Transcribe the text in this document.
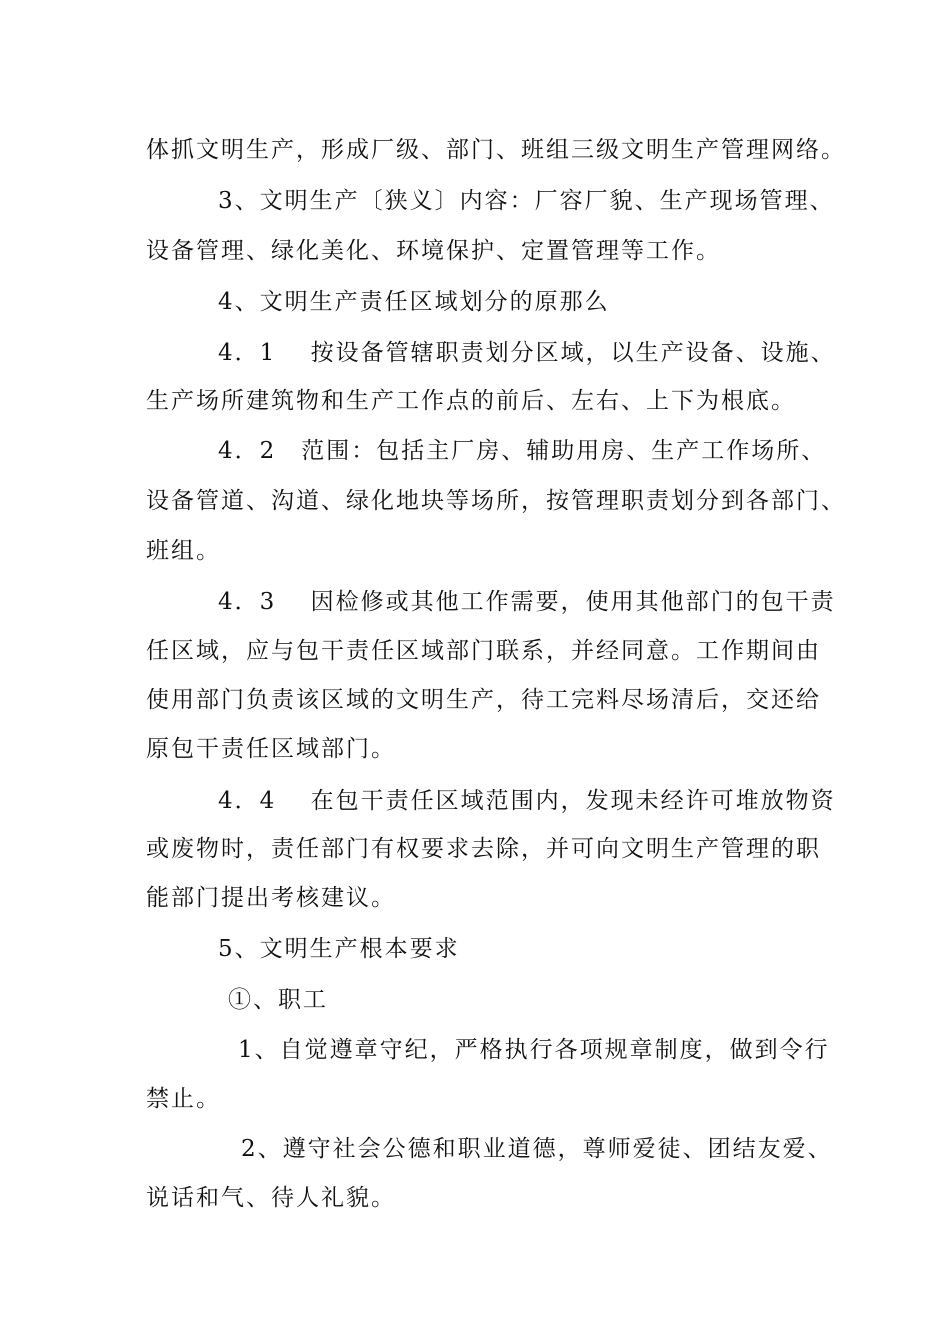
体抓文明生产，形成厂级、部门、班组三级文明生产管理网络。
3、文明生产〔狭义〕内容：厂容厂貌、生产现场管理、
设备管理、绿化美化、环境保护、定置管理等工作。
4、文明生产责任区域划分的原那么
4．1　 按设备管辖职责划分区域，以生产设备、设施、
生产场所建筑物和生产工作点的前后、左右、上下为根底。
4．2　范围：包括主厂房、辅助用房、生产工作场所、
设备管道、沟道、绿化地块等场所，按管理职责划分到各部门、
班组。
4．3　 因检修或其他工作需要，使用其他部门的包干责
任区域，应与包干责任区域部门联系，并经同意。工作期间由
使用部门负责该区域的文明生产，待工完料尽场清后，交还给
原包干责任区域部门。
4．4　 在包干责任区域范围内，发现未经许可堆放物资
或废物时，责任部门有权要求去除，并可向文明生产管理的职
能部门提出考核建议。
5、文明生产根本要求
①、职工
1、自觉遵章守纪，严格执行各项规章制度，做到令行
禁止。
2、遵守社会公德和职业道德，尊师爱徒、团结友爱、
说话和气、待人礼貌。
